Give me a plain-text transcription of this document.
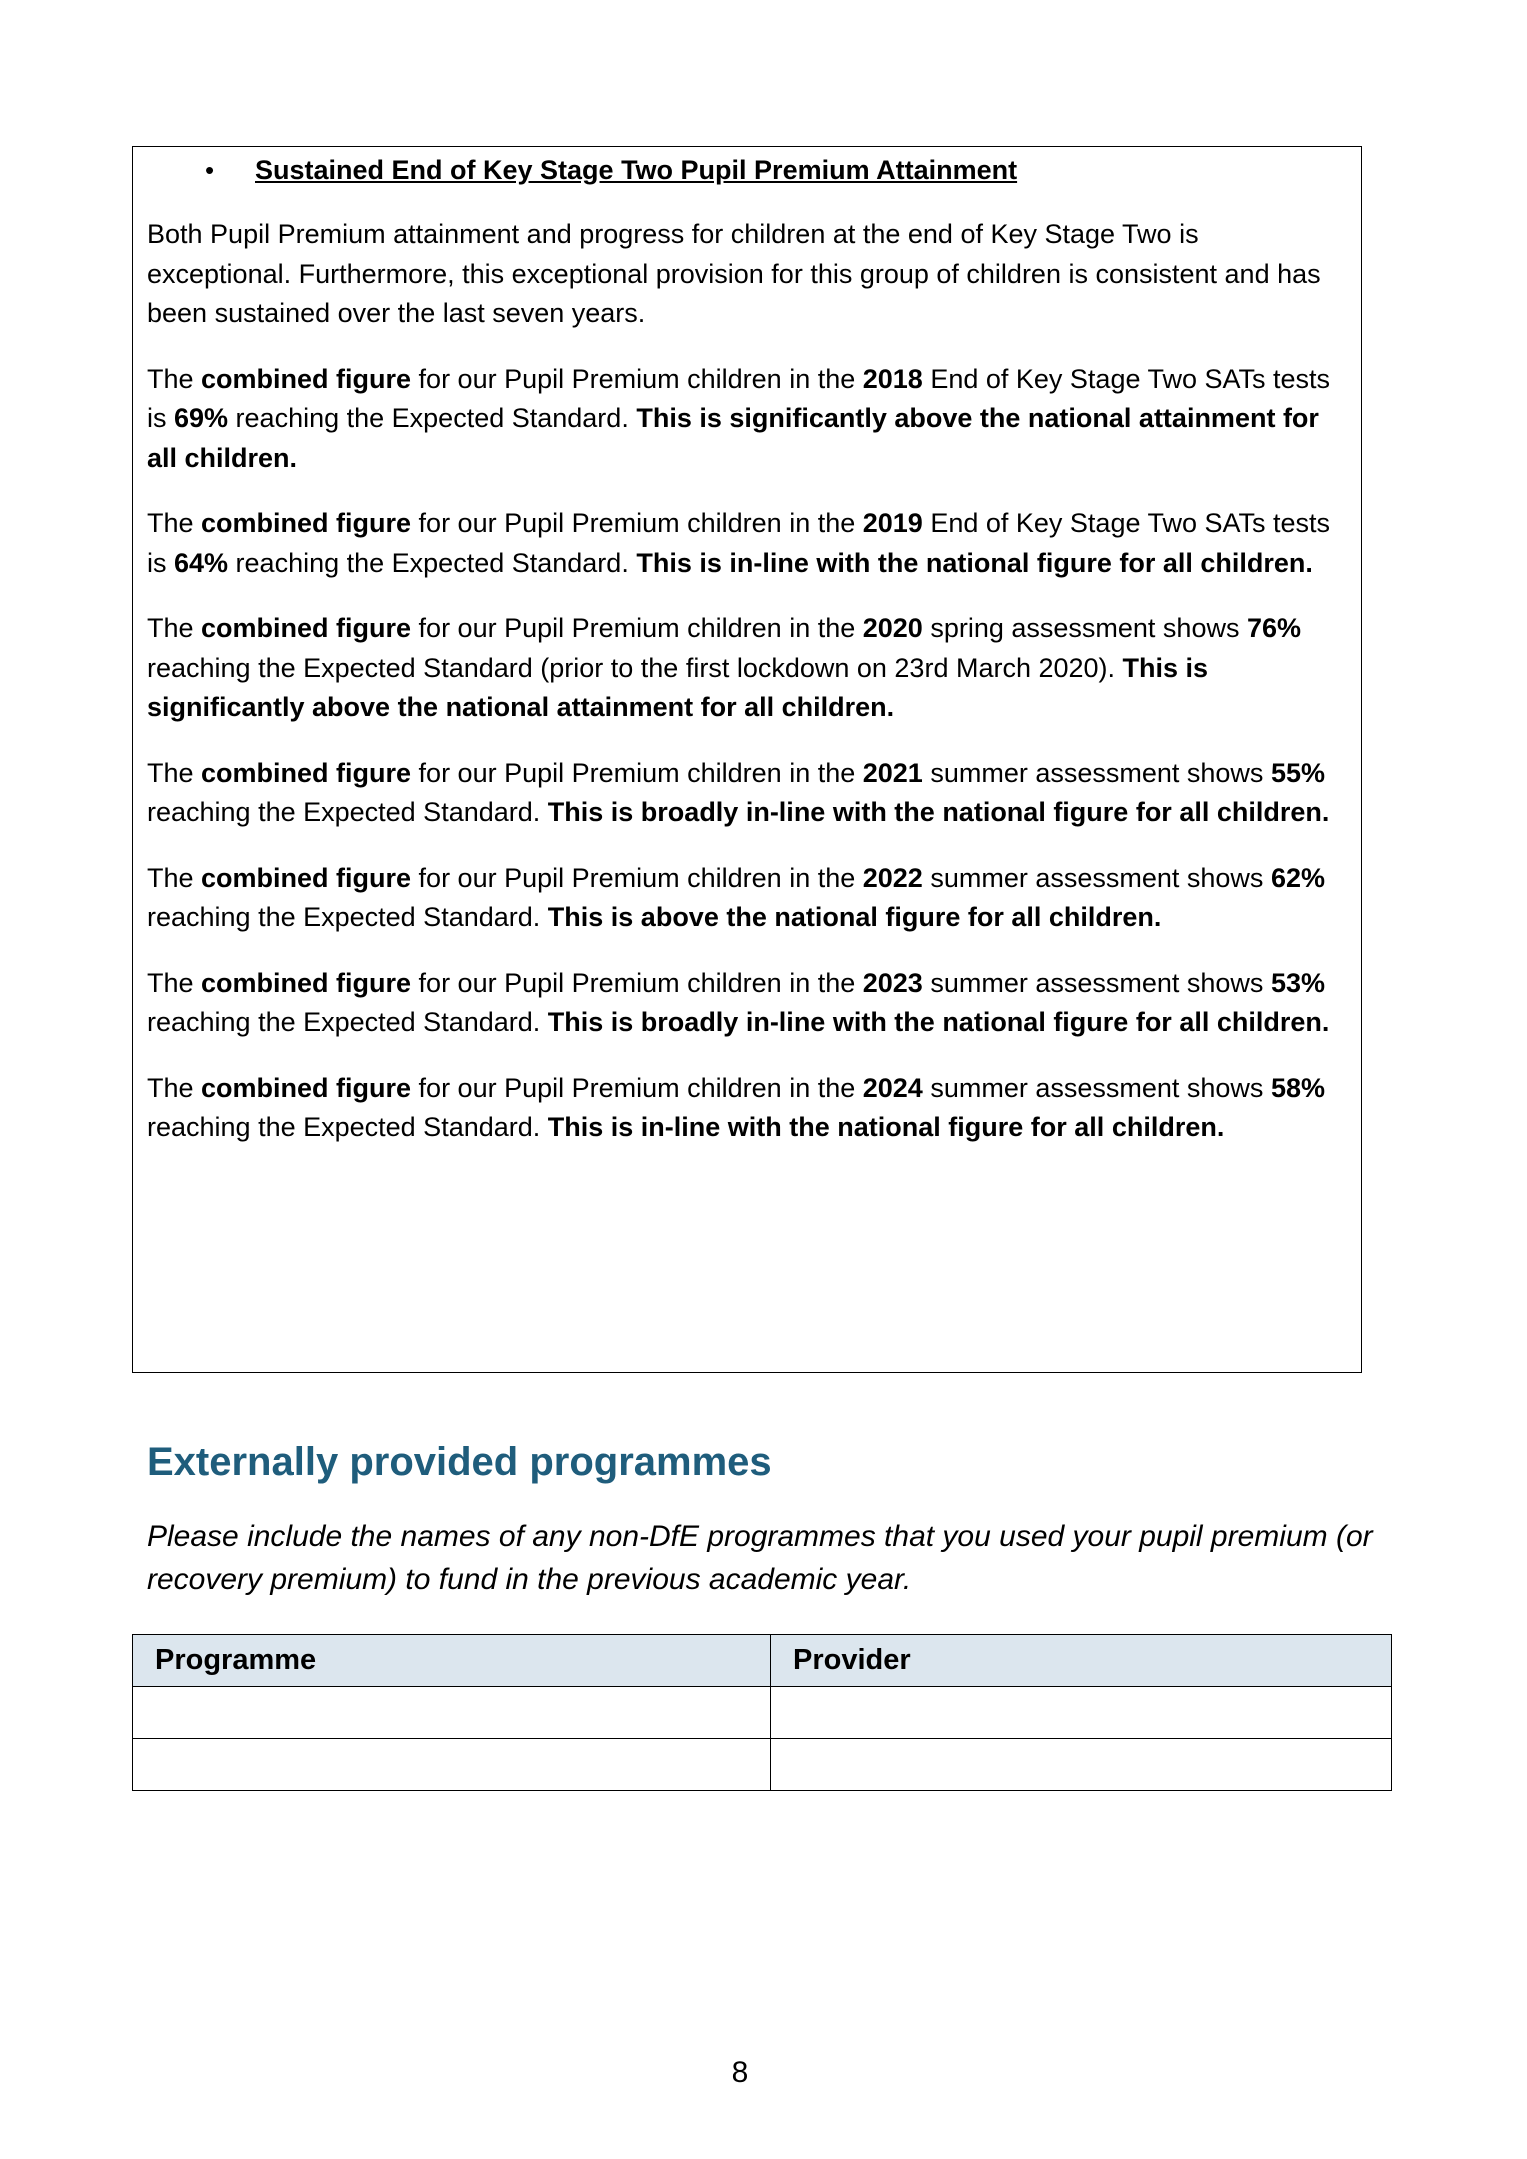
• Sustained End of Key Stage Two Pupil Premium Attainment

Both Pupil Premium attainment and progress for children at the end of Key Stage Two is exceptional. Furthermore, this exceptional provision for this group of children is consistent and has been sustained over the last seven years.

The combined figure for our Pupil Premium children in the 2018 End of Key Stage Two SATs tests is 69% reaching the Expected Standard. This is significantly above the national attainment for all children.

The combined figure for our Pupil Premium children in the 2019 End of Key Stage Two SATs tests is 64% reaching the Expected Standard. This is in-line with the national figure for all children.

The combined figure for our Pupil Premium children in the 2020 spring assessment shows 76% reaching the Expected Standard (prior to the first lockdown on 23rd March 2020). This is significantly above the national attainment for all children.

The combined figure for our Pupil Premium children in the 2021 summer assessment shows 55% reaching the Expected Standard. This is broadly in-line with the national figure for all children.

The combined figure for our Pupil Premium children in the 2022 summer assessment shows 62% reaching the Expected Standard. This is above the national figure for all children.

The combined figure for our Pupil Premium children in the 2023 summer assessment shows 53% reaching the Expected Standard. This is broadly in-line with the national figure for all children.

The combined figure for our Pupil Premium children in the 2024 summer assessment shows 58% reaching the Expected Standard. This is in-line with the national figure for all children.

Externally provided programmes

Please include the names of any non-DfE programmes that you used your pupil premium (or recovery premium) to fund in the previous academic year.

Programme	Provider

8
